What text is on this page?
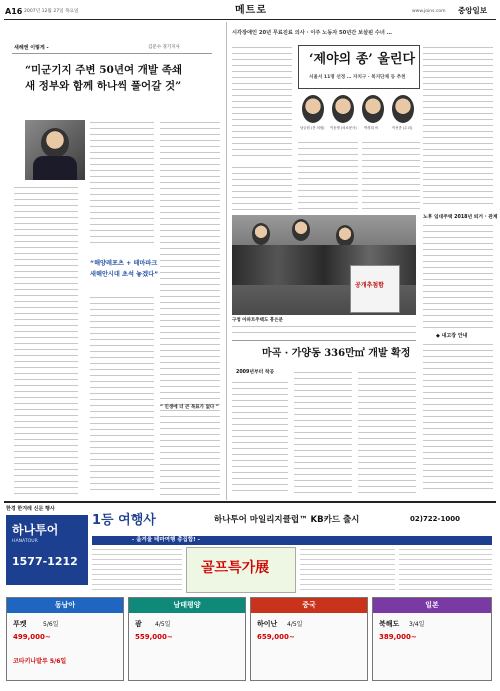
A16 2007년 12월 27일 목요일	메트로	www.joins.com 중앙일보
새해엔 이렇게 -	김문수 경기지사
“미군기지 주변 50년여 개발 족쇄
새 정부와 함께 하나씩 풀어갈 것”
“해양레포츠 + 테마파크
새해안시대 초석 놓겠다”
“ 인생에 더 큰 목표가 없다 ”
시각장애인 20년 무료진료 의사 · 이주 노동자 50년간 보살핀 수녀 …
‘제야의 종’ 울린다
서울서 11명 선정 … 자치구 · 복지단체 등 추천
남궁원 (전 의원) 이동명 (의료봉사) 박경희 씨	이선종 (수녀)
공개추첨함
구청 아파트주택도 흥은분
노후 임대주택 2018년 퇴거 · 관계
◆ 내고장 안내
마곡 · 가양동 336만㎡ 개발 확정
2009년부터 착공
한경 한겨레 신문 행사
하나투어
HANATOUR
1577-1212
1등 여행사	하나투어 마일리지클럽™ KB카드 출시
- 올겨울 테마여행 총집합! -
골프특가展
02)722-1000
동남아
푸켓	5/6일
499,000~
코타키나발루 5/6일
남태평양
괌 4/5일
559,000~
중국
하이난 4/5일
659,000~
일본
북해도 3/4일
389,000~
